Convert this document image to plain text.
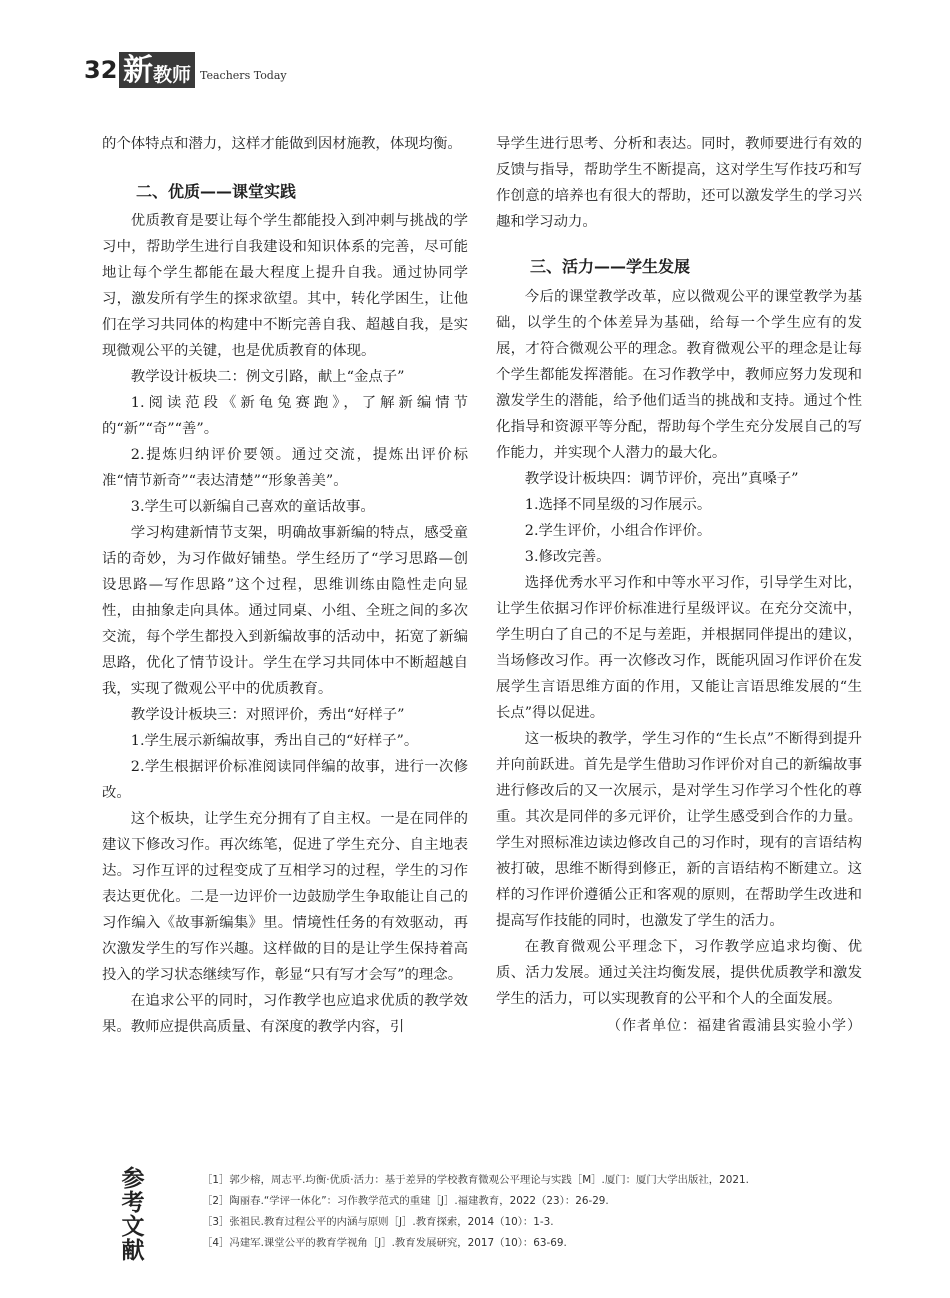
32 新 教师 Teachers Today

的个体特点和潜力，这样才能做到因材施教，体现均衡。

二、优质——课堂实践

优质教育是要让每个学生都能投入到冲刺与挑战的学习中，帮助学生进行自我建设和知识体系的完善，尽可能地让每个学生都能在最大程度上提升自我。通过协同学习，激发所有学生的探求欲望。其中，转化学困生，让他们在学习共同体的构建中不断完善自我、超越自我，是实现微观公平的关键，也是优质教育的体现。

教学设计板块二：例文引路，献上“金点子”

1.阅读范段《新龟兔赛跑》，了解新编情节的“新”“奇”“善”。

2.提炼归纳评价要领。通过交流，提炼出评价标准“情节新奇”“表达清楚”“形象善美”。

3.学生可以新编自己喜欢的童话故事。

学习构建新情节支架，明确故事新编的特点，感受童话的奇妙，为习作做好铺垫。学生经历了“学习思路—创设思路—写作思路”这个过程，思维训练由隐性走向显性，由抽象走向具体。通过同桌、小组、全班之间的多次交流，每个学生都投入到新编故事的活动中，拓宽了新编思路，优化了情节设计。学生在学习共同体中不断超越自我，实现了微观公平中的优质教育。

教学设计板块三：对照评价，秀出“好样子”

1.学生展示新编故事，秀出自己的“好样子”。

2.学生根据评价标准阅读同伴编的故事，进行一次修改。

这个板块，让学生充分拥有了自主权。一是在同伴的建议下修改习作。再次练笔，促进了学生充分、自主地表达。习作互评的过程变成了互相学习的过程，学生的习作表达更优化。二是一边评价一边鼓励学生争取能让自己的习作编入《故事新编集》里。情境性任务的有效驱动，再次激发学生的写作兴趣。这样做的目的是让学生保持着高投入的学习状态继续写作，彰显“只有写才会写”的理念。

在追求公平的同时，习作教学也应追求优质的教学效果。教师应提供高质量、有深度的教学内容，引

导学生进行思考、分析和表达。同时，教师要进行有效的反馈与指导，帮助学生不断提高，这对学生写作技巧和写作创意的培养也有很大的帮助，还可以激发学生的学习兴趣和学习动力。

三、活力——学生发展

今后的课堂教学改革，应以微观公平的课堂教学为基础，以学生的个体差异为基础，给每一个学生应有的发展，才符合微观公平的理念。教育微观公平的理念是让每个学生都能发挥潜能。在习作教学中，教师应努力发现和激发学生的潜能，给予他们适当的挑战和支持。通过个性化指导和资源平等分配，帮助每个学生充分发展自己的写作能力，并实现个人潜力的最大化。

教学设计板块四：调节评价，亮出”真嗓子”

1.选择不同星级的习作展示。

2.学生评价，小组合作评价。

3.修改完善。

选择优秀水平习作和中等水平习作，引导学生对比，让学生依据习作评价标准进行星级评议。在充分交流中，学生明白了自己的不足与差距，并根据同伴提出的建议，当场修改习作。再一次修改习作，既能巩固习作评价在发展学生言语思维方面的作用，又能让言语思维发展的“生长点”得以促进。

这一板块的教学，学生习作的“生长点”不断得到提升并向前跃进。首先是学生借助习作评价对自己的新编故事进行修改后的又一次展示，是对学生习作学习个性化的尊重。其次是同伴的多元评价，让学生感受到合作的力量。学生对照标准边读边修改自己的习作时，现有的言语结构被打破，思维不断得到修正，新的言语结构不断建立。这样的习作评价遵循公正和客观的原则，在帮助学生改进和提高写作技能的同时，也激发了学生的活力。

在教育微观公平理念下，习作教学应追求均衡、优质、活力发展。通过关注均衡发展，提供优质教学和激发学生的活力，可以实现教育的公平和个人的全面发展。

（作者单位：福建省霞浦县实验小学）

参
考
文
献
［1］郭少榕，周志平.均衡·优质·活力：基于差异的学校教育微观公平理论与实践［M］.厦门：厦门大学出版社，2021.
［2］陶丽春.“学评一体化”：习作教学范式的重建［J］.福建教育，2022（23）：26-29.
［3］张祖民.教育过程公平的内涵与原则［J］.教育探索，2014（10）：1-3.
［4］冯建军.课堂公平的教育学视角［J］.教育发展研究，2017（10）：63-69.
